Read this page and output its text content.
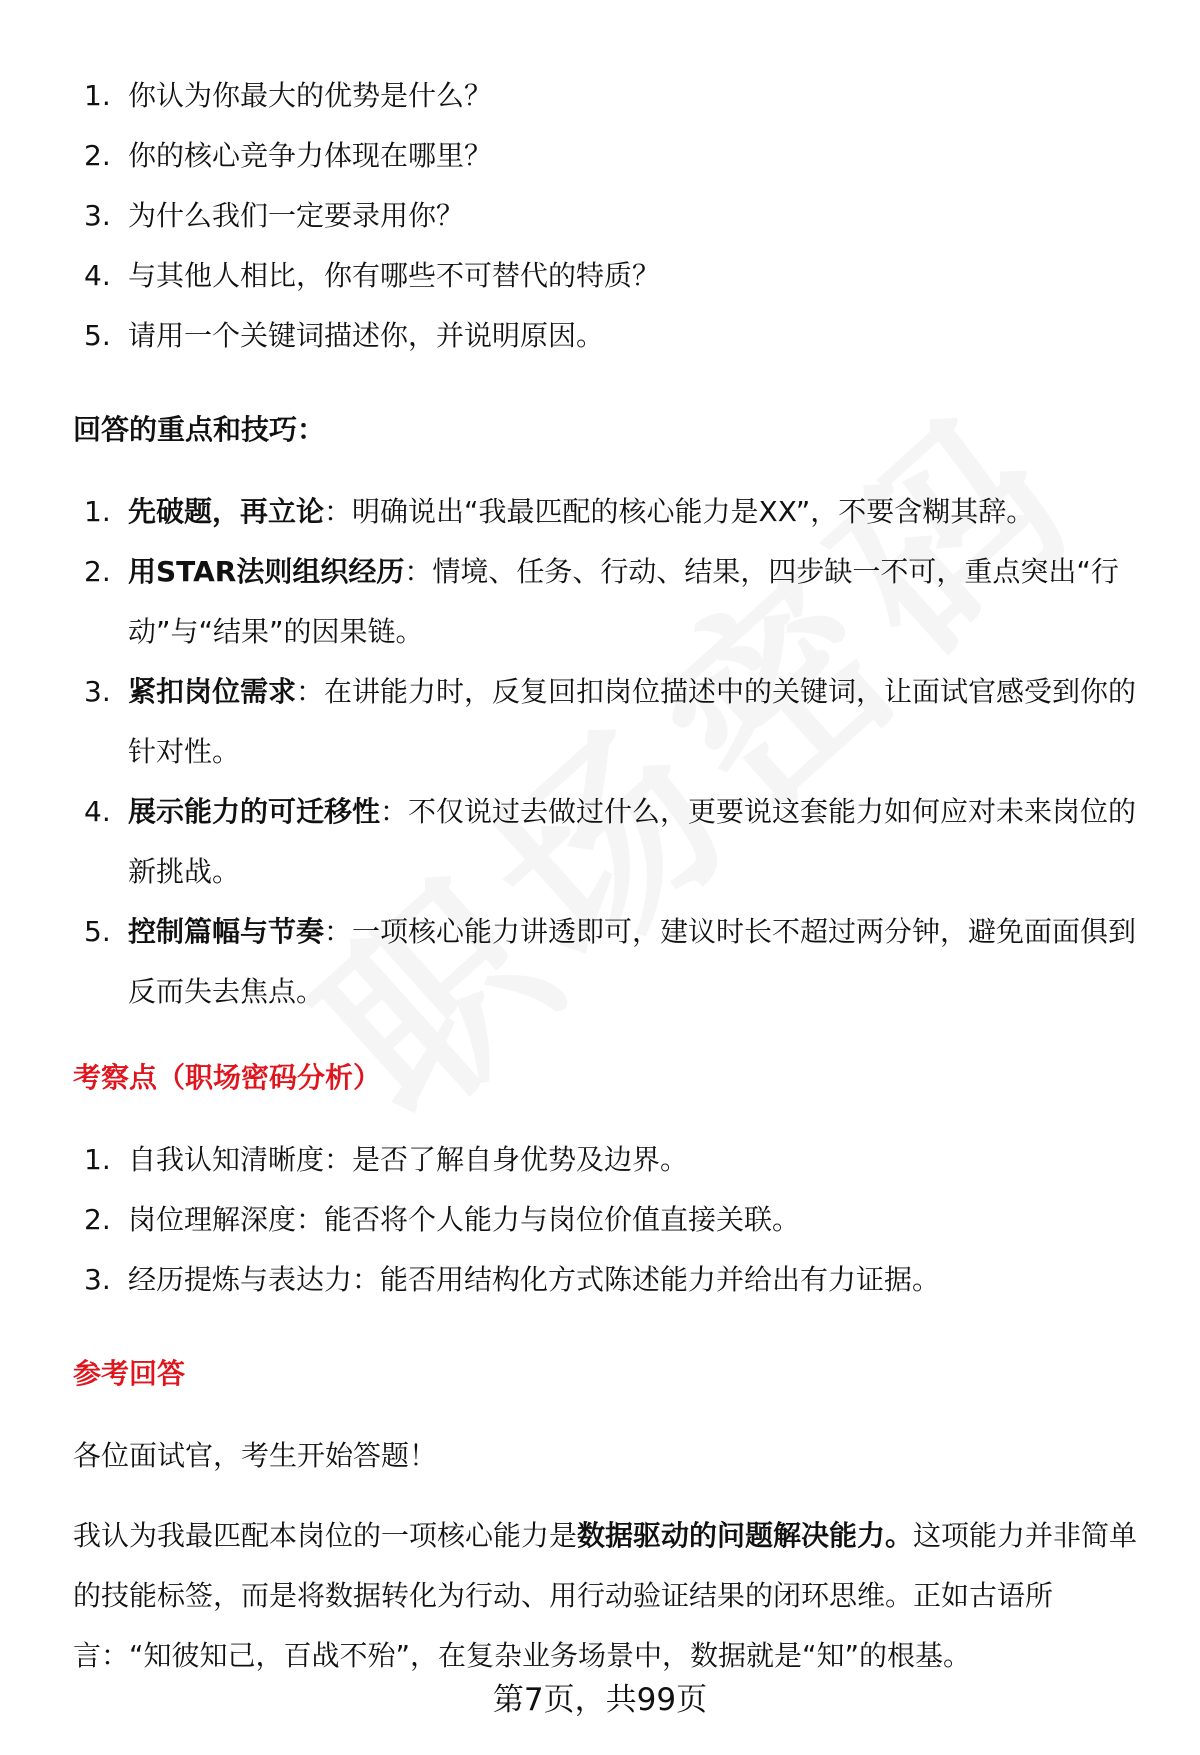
1. 你认为你最大的优势是什么？
2. 你的核心竞争力体现在哪里？
3. 为什么我们一定要录用你？
4. 与其他人相比，你有哪些不可替代的特质？
5. 请用一个关键词描述你，并说明原因。
回答的重点和技巧：
1. 先破题，再立论：明确说出“我最匹配的核心能力是XX”，不要含糊其辞。
2. 用STAR法则组织经历：情境、任务、行动、结果，四步缺一不可，重点突出“行动”与“结果”的因果链。
3. 紧扣岗位需求：在讲能力时，反复回扣岗位描述中的关键词，让面试官感受到你的针对性。
4. 展示能力的可迁移性：不仅说过去做过什么，更要说这套能力如何应对未来岗位的新挑战。
5. 控制篇幅与节奏：一项核心能力讲透即可，建议时长不超过两分钟，避免面面俱到反而失去焦点。
考察点（职场密码分析）
1. 自我认知清晰度：是否了解自身优势及边界。
2. 岗位理解深度：能否将个人能力与岗位价值直接关联。
3. 经历提炼与表达力：能否用结构化方式陈述能力并给出有力证据。
参考回答

各位面试官，考生开始答题！

我认为我最匹配本岗位的一项核心能力是数据驱动的问题解决能力。这项能力并非简单的技能标签，而是将数据转化为行动、用行动验证结果的闭环思维。正如古语所言：“知彼知己，百战不殆”，在复杂业务场景中，数据就是“知”的根基。

第7页，共99页
